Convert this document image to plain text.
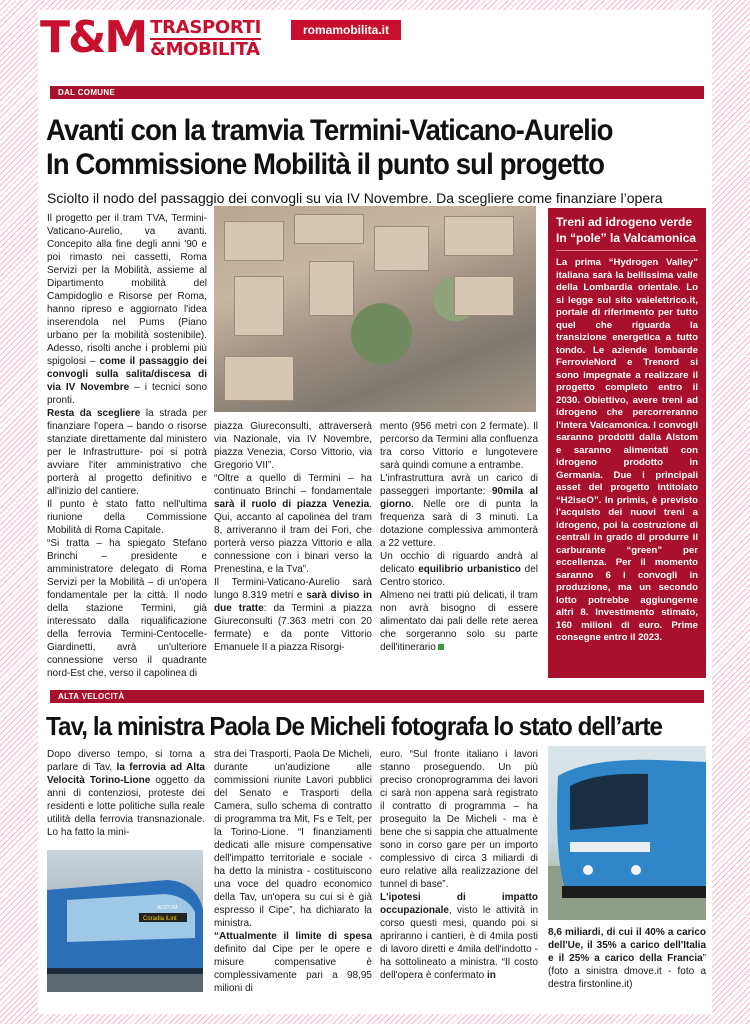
T&M TRASPORTI
&MOBILITÀ
romamobilita.it
DAL COMUNE
Avanti con la tramvia Termini-Vaticano-Aurelio
In Commissione Mobilità il punto sul progetto
Sciolto il nodo del passaggio dei convogli su via IV Novembre. Da scegliere come finanziare l’opera

Il progetto per il tram TVA, Termini-Vaticano-Aurelio, va avanti. Concepito alla fine degli anni '90 e poi rimasto nei cassetti, Roma Servizi per la Mobilità, assieme al Dipartimento mobilità del Campidoglio e Risorse per Roma, hanno ripreso e aggiornato l'idea inserendola nel Pums (Piano urbano per la mobilità sostenibile). Adesso, risolti anche i problemi più spigolosi – come il passaggio dei convogli sulla salita/discesa di via IV Novembre – i tecnici sono pronti.

Resta da scegliere la strada per finanziare l'opera – bando o risorse stanziate direttamente dal ministero per le Infrastrutture- poi si potrà avviare l'iter amministrativo che porterà al progetto definitivo e all'inizio del cantiere.

Il punto è stato fatto nell'ultima riunione della Commissione Mobilità di Roma Capitale.

“Si tratta – ha spiegato Stefano Brinchi – presidente e amministratore delegato di Roma Servizi per la Mobilità – di un'opera fondamentale per la città. Il nodo della stazione Termini, già interessato dalla riqualificazione della ferrovia Termini-Centocelle-Giardinetti, avrà un'ulteriore connessione verso il quadrante nord-Est che, verso il capolinea di

piazza Giureconsulti, attraverserà via Nazionale, via IV Novembre, piazza Venezia, Corso Vittorio, via Gregorio VII”.

“Oltre a quello di Termini – ha continuato Brinchi – fondamentale sarà il ruolo di piazza Venezia. Qui, accanto al capolinea del tram 8, arriveranno il tram dei Fori, che porterà verso piazza Vittorio e alla connessione con i binari verso la Prenestina, e la Tva”.

Il Termini-Vaticano-Aurelio sarà lungo 8.319 metri e sarà diviso in due tratte: da Termini a piazza Giureconsulti (7.363 metri con 20 fermate) e da ponte Vittorio Emanuele II a piazza Risorgi-

mento (956 metri con 2 fermate). Il percorso da Termini alla confluenza tra corso Vittorio e lungotevere sarà quindi comune a entrambe.

L'infrastruttura avrà un carico di passeggeri importante: 90mila al giorno. Nelle ore di punta la frequenza sarà di 3 minuti. La dotazione complessiva ammonterà a 22 vetture.

Un occhio di riguardo andrà al delicato equilibrio urbanistico del Centro storico.

Almeno nei tratti più delicati, il tram non avrà bisogno di essere alimentato dai pali delle rete aerea che sorgeranno solo su parte dell'itinerario

Treni ad idrogeno verde
In “pole” la Valcamonica
La prima “Hydrogen Valley” italiana sarà la bellissima valle della Lombardia orientale. Lo si legge sul sito vaielettrico.it, portale di riferimento per tutto quel che riguarda la transizione energetica a tutto tondo. Le aziende lombarde FerrovieNord e Trenord si sono impegnate a realizzare il progetto completo entro il 2030. Obiettivo, avere treni ad idrogeno che percorreranno l'intera Valcamonica. I convogli saranno prodotti dalla Alstom e saranno alimentati con idrogeno prodotto in Germania. Due i principali asset del progetto intitolato “H2iseO”. In primis, è previsto l'acquisto dei nuovi treni a idrogeno, poi la costruzione di centrali in grado di produrre il carburante “green” per eccellenza. Per il momento saranno 6 i convogli in produzione, ma un secondo lotto potrebbe aggiungerne altri 8. Investimento stimato, 160 milioni di euro. Prime consegne entro il 2023.
ALTA VELOCITÀ
Tav, la ministra Paola De Micheli fotografa lo stato dell’arte

Dopo diverso tempo, si torna a parlare di Tav, la ferrovia ad Alta Velocità Torino-Lione oggetto da anni di contenziosi, proteste dei residenti e lotte politiche sulla reale utilità della ferrovia transnazionale. Lo ha fatto la mini-

Coradia iLint
ALSTOM

stra dei Trasporti, Paola De Micheli, durante un'audizione alle commissioni riunite Lavori pubblici del Senato e Trasporti della Camera, sullo schema di contratto di programma tra Mit, Fs e Telt, per la Torino-Lione. “I finanziamenti dedicati alle misure compensative dell'impatto territoriale e sociale - ha detto la ministra - costituiscono una voce del quadro economico della Tav, un'opera su cui si è già espresso il Cipe”, ha dichiarato la ministra.

“Attualmente il limite di spesa definito dal Cipe per le opere e misure compensative è complessivamente pari a 98,95 milioni di

euro. “Sul fronte italiano i lavori stanno proseguendo. Un più preciso cronoprogramma dei lavori ci sarà non appena sarà registrato il contratto di programma – ha proseguito la De Micheli - ma è bene che si sappia che attualmente sono in corso gare per un importo complessivo di circa 3 miliardi di euro relative alla realizzazione del tunnel di base”.

L'ipotesi di impatto occupazionale, visto le attività in corso questi mesi, quando poi si apriranno i cantieri, è di 4mila posti di lavoro diretti e 4mila dell'indotto - ha sottolineato a ministra. “Il costo dell'opera è confermato in

8,6 miliardi, di cui il 40% a carico dell'Ue, il 35% a carico dell'Italia e il 25% a carico della Francia” (foto a sinistra dmove.it - foto a destra firstonline.it)
